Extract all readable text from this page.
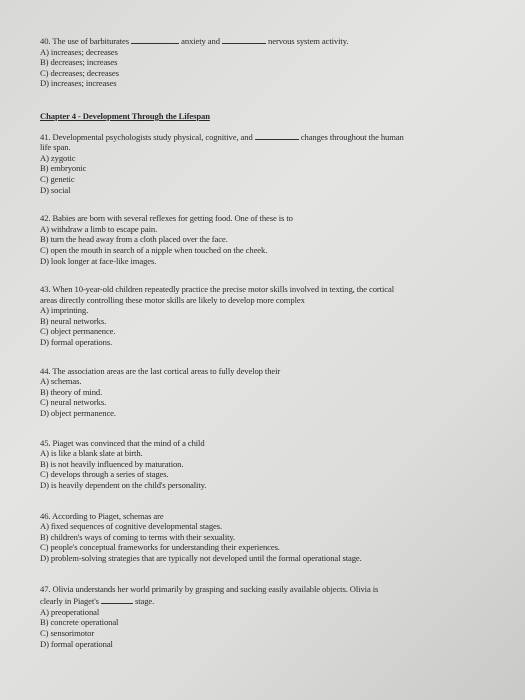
40. The use of barbiturates	anxiety and	nervous system activity.
A) increases; decreases
B) decreases; increases
C) decreases; decreases
D) increases; increases
Chapter 4 - Development Through the Lifespan
41. Developmental psychologists study physical, cognitive, and	changes throughout the human
life span.
A) zygotic
B) embryonic
C) genetic
D) social
42. Babies are born with several reflexes for getting food. One of these is to
A) withdraw a limb to escape pain.
B) turn the head away from a cloth placed over the face.
C) open the mouth in search of a nipple when touched on the cheek.
D) look longer at face-like images.
43. When 10-year-old children repeatedly practice the precise motor skills involved in texting, the cortical
areas directly controlling these motor skills are likely to develop more complex
A) imprinting.
B) neural networks.
C) object permanence.
D) formal operations.
44. The association areas are the last cortical areas to fully develop their
A) schemas.
B) theory of mind.
C) neural networks.
D) object permanence.
45. Piaget was convinced that the mind of a child
A) is like a blank slate at birth.
B) is not heavily influenced by maturation.
C) develops through a series of stages.
D) is heavily dependent on the child's personality.
46. According to Piaget, schemas are
A) fixed sequences of cognitive developmental stages.
B) children's ways of coming to terms with their sexuality.
C) people's conceptual frameworks for understanding their experiences.
D) problem-solving strategies that are typically not developed until the formal operational stage.
47. Olivia understands her world primarily by grasping and sucking easily available objects. Olivia is
clearly in Piaget's	stage.
A) preoperational
B) concrete operational
C) sensorimotor
D) formal operational
